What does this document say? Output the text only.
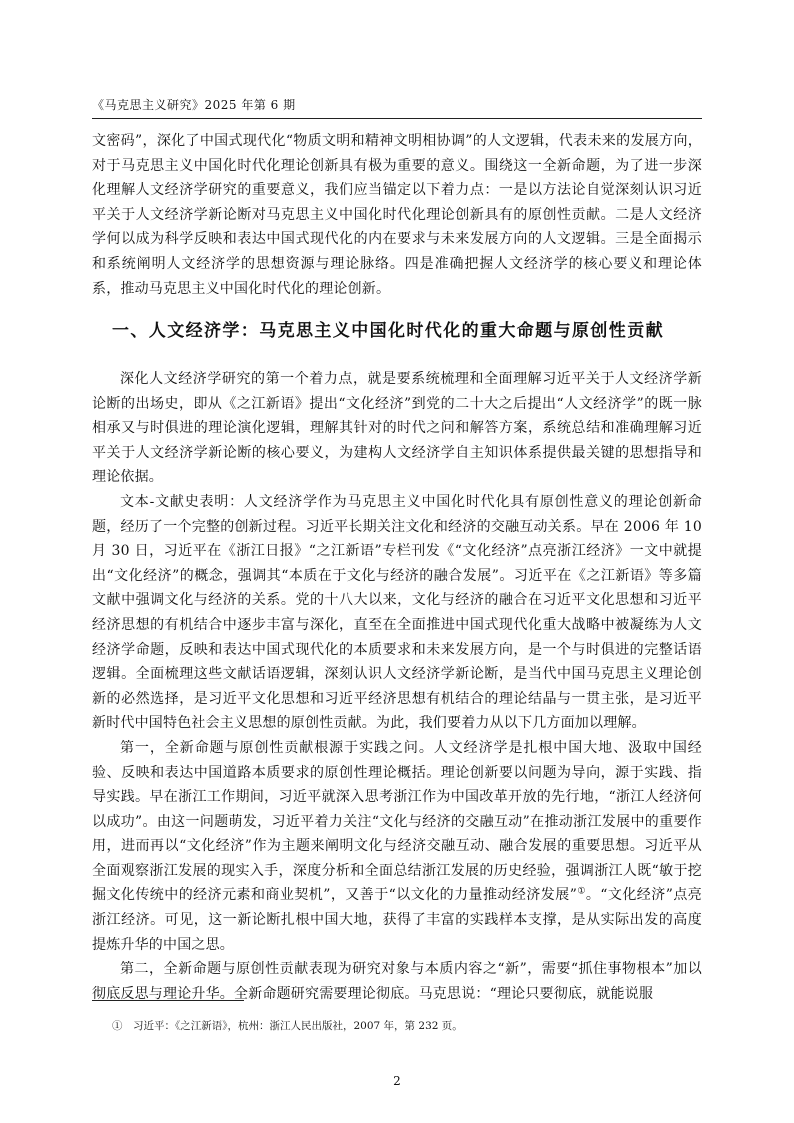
《马克思主义研究》2025 年第 6 期
文密码”，深化了中国式现代化“物质文明和精神文明相协调”的人文逻辑，代表未来的发展方向，对于马克思主义中国化时代化理论创新具有极为重要的意义。围绕这一全新命题，为了进一步深化理解人文经济学研究的重要意义，我们应当锚定以下着力点：一是以方法论自觉深刻认识习近平关于人文经济学新论断对马克思主义中国化时代化理论创新具有的原创性贡献。二是人文经济学何以成为科学反映和表达中国式现代化的内在要求与未来发展方向的人文逻辑。三是全面揭示和系统阐明人文经济学的思想资源与理论脉络。四是准确把握人文经济学的核心要义和理论体系，推动马克思主义中国化时代化的理论创新。
一、人文经济学：马克思主义中国化时代化的重大命题与原创性贡献

深化人文经济学研究的第一个着力点，就是要系统梳理和全面理解习近平关于人文经济学新论断的出场史，即从《之江新语》提出“文化经济”到党的二十大之后提出“人文经济学”的既一脉相承又与时俱进的理论演化逻辑，理解其针对的时代之问和解答方案，系统总结和准确理解习近平关于人文经济学新论断的核心要义，为建构人文经济学自主知识体系提供最关键的思想指导和理论依据。

文本-文献史表明：人文经济学作为马克思主义中国化时代化具有原创性意义的理论创新命题，经历了一个完整的创新过程。习近平长期关注文化和经济的交融互动关系。早在 2006 年 10 月 30 日，习近平在《浙江日报》“之江新语”专栏刊发《“文化经济”点亮浙江经济》一文中就提出“文化经济”的概念，强调其“本质在于文化与经济的融合发展”。习近平在《之江新语》等多篇文献中强调文化与经济的关系。党的十八大以来，文化与经济的融合在习近平文化思想和习近平经济思想的有机结合中逐步丰富与深化，直至在全面推进中国式现代化重大战略中被凝练为人文经济学命题，反映和表达中国式现代化的本质要求和未来发展方向，是一个与时俱进的完整话语逻辑。全面梳理这些文献话语逻辑，深刻认识人文经济学新论断，是当代中国马克思主义理论创新的必然选择，是习近平文化思想和习近平经济思想有机结合的理论结晶与一贯主张，是习近平新时代中国特色社会主义思想的原创性贡献。为此，我们要着力从以下几方面加以理解。

第一，全新命题与原创性贡献根源于实践之问。人文经济学是扎根中国大地、汲取中国经验、反映和表达中国道路本质要求的原创性理论概括。理论创新要以问题为导向，源于实践、指导实践。早在浙江工作期间，习近平就深入思考浙江作为中国改革开放的先行地，“浙江人经济何以成功”。由这一问题萌发，习近平着力关注“文化与经济的交融互动”在推动浙江发展中的重要作用，进而再以“文化经济”作为主题来阐明文化与经济交融互动、融合发展的重要思想。习近平从全面观察浙江发展的现实入手，深度分析和全面总结浙江发展的历史经验，强调浙江人既“敏于挖掘文化传统中的经济元素和商业契机”，又善于“以文化的力量推动经济发展”①。“文化经济”点亮浙江经济。可见，这一新论断扎根中国大地，获得了丰富的实践样本支撑，是从实际出发的高度提炼升华的中国之思。

第二，全新命题与原创性贡献表现为研究对象与本质内容之“新”，需要“抓住事物根本”加以彻底反思与理论升华。全新命题研究需要理论彻底。马克思说：“理论只要彻底，就能说服

①　习近平：《之江新语》，杭州：浙江人民出版社，2007 年，第 232 页。
2
